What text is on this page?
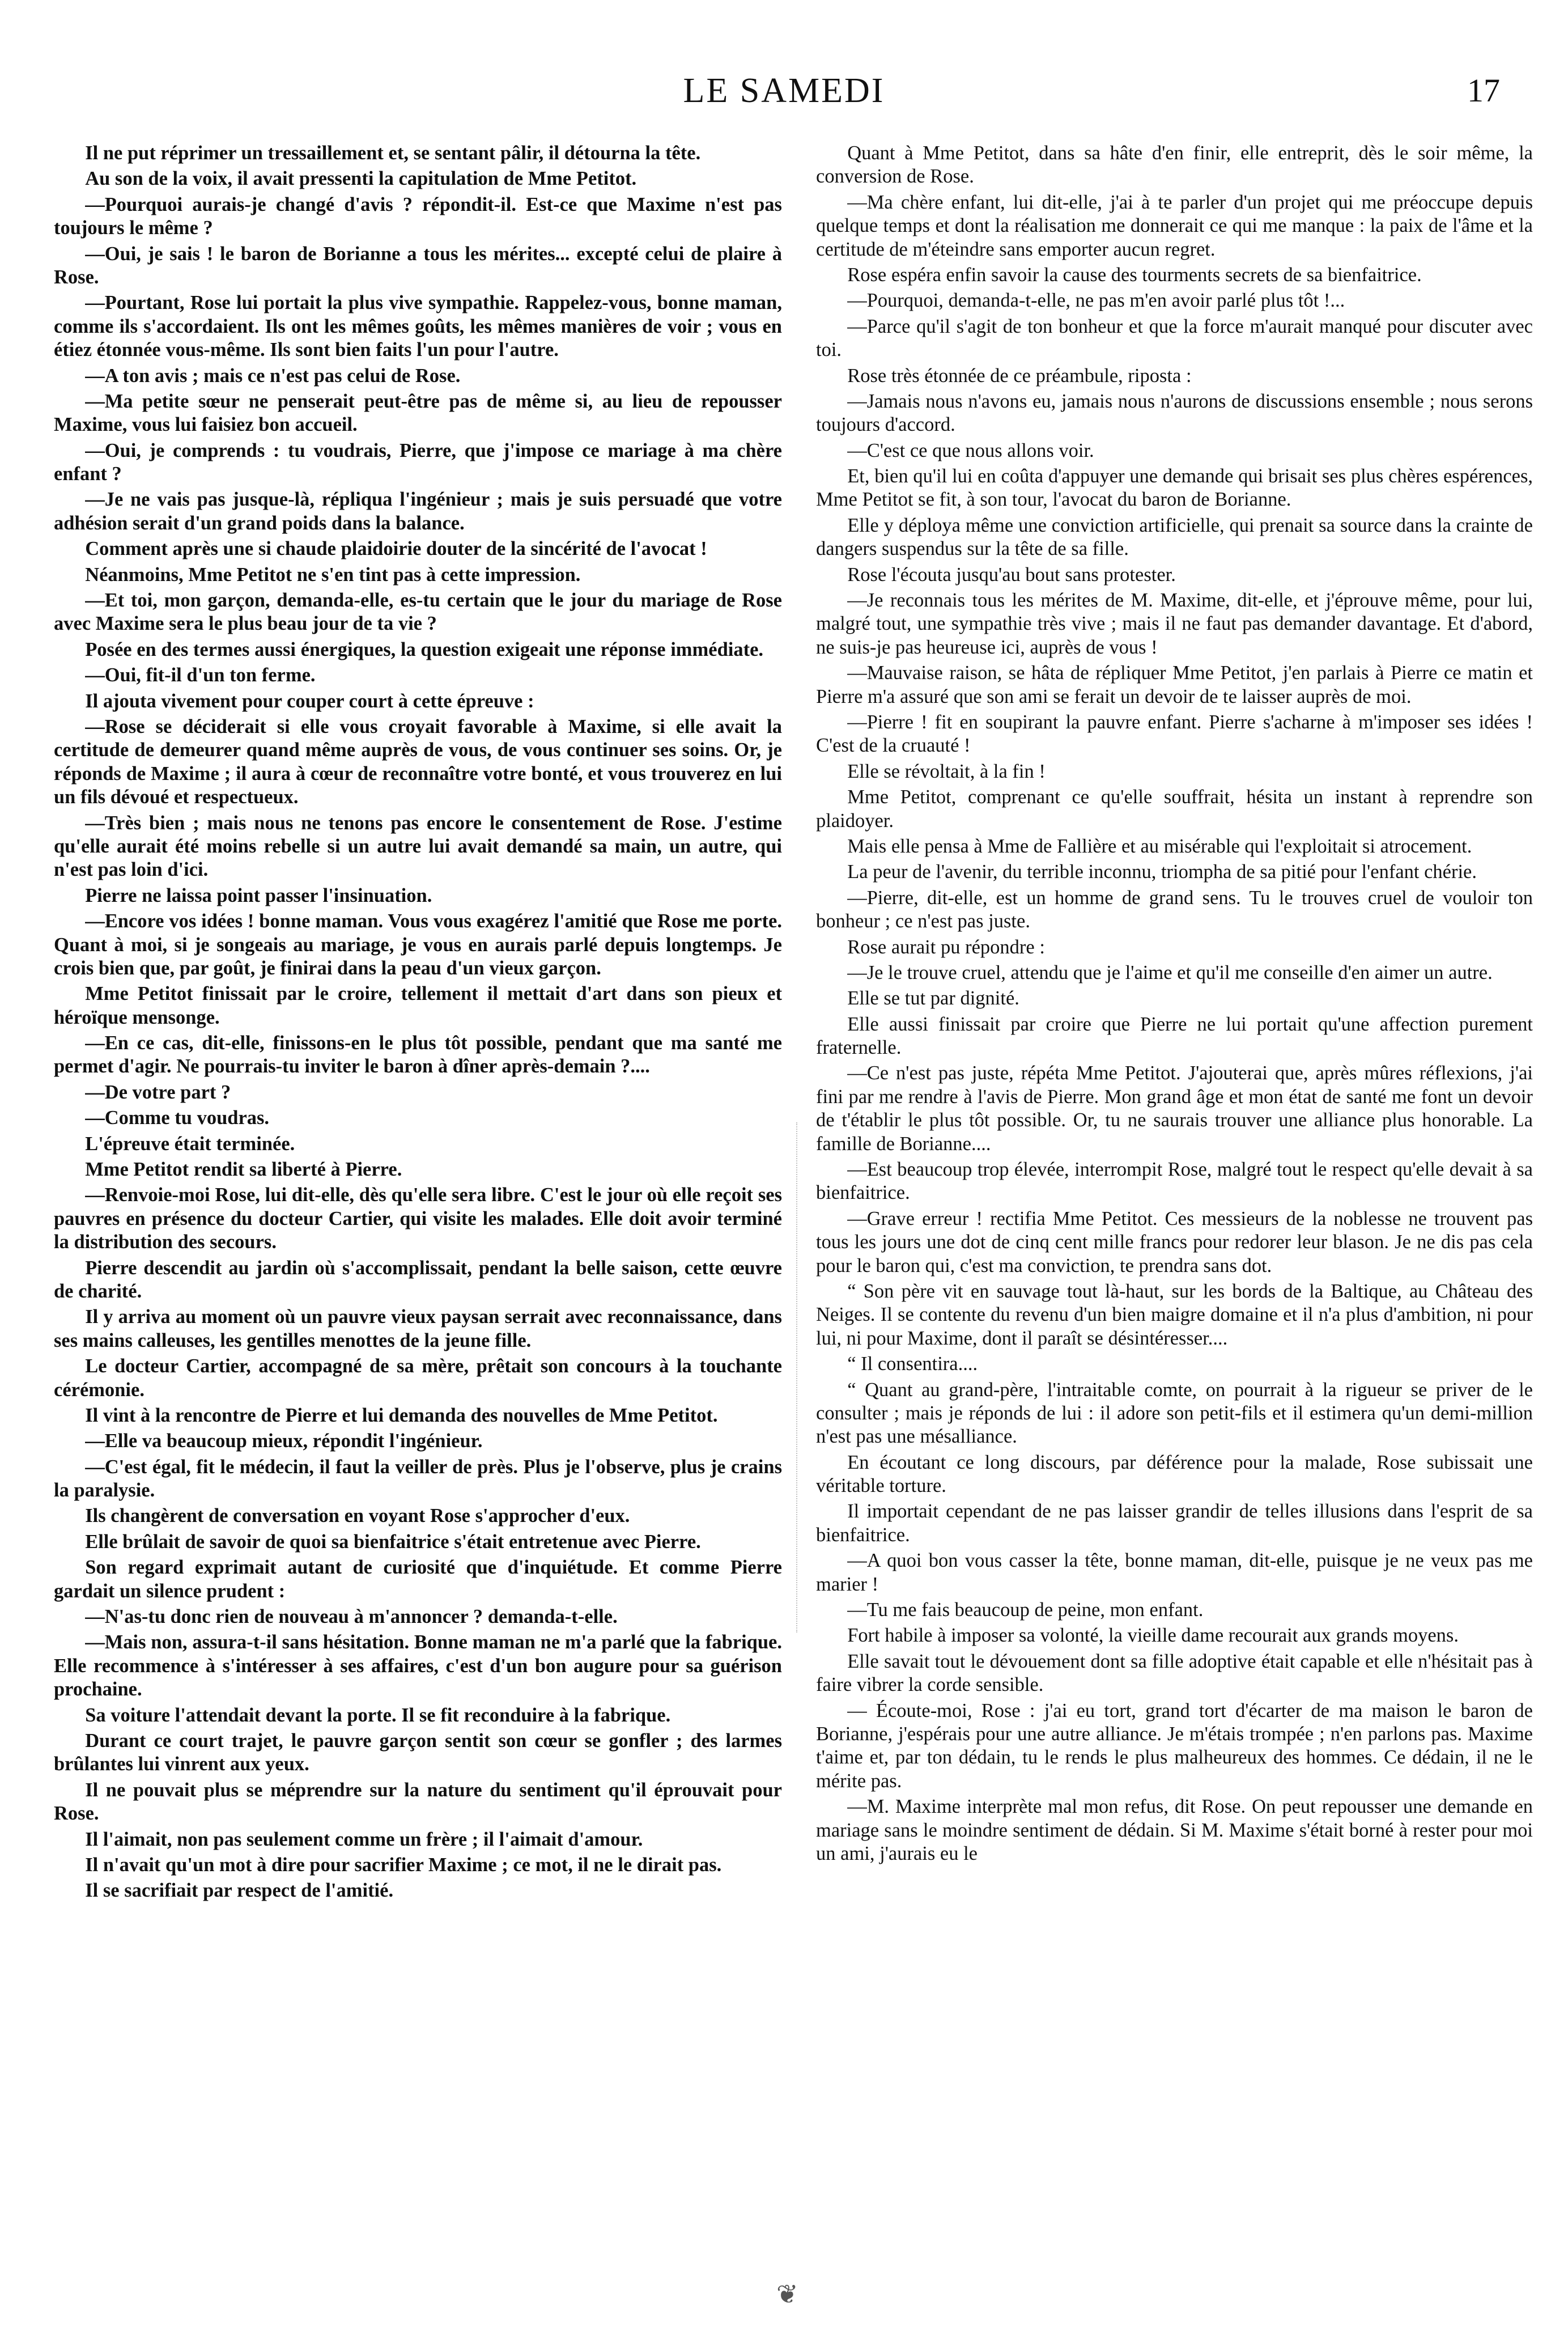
LE SAMEDI	17

Il ne put réprimer un tressaillement et, se sentant pâlir, il détourna la tête.

Au son de la voix, il avait pressenti la capitulation de Mme Petitot.

—Pourquoi aurais-je changé d'avis ? répondit-il. Est-ce que Maxime n'est pas toujours le même ?

—Oui, je sais ! le baron de Borianne a tous les mérites... excepté celui de plaire à Rose.

—Pourtant, Rose lui portait la plus vive sympathie. Rappelez-vous, bonne maman, comme ils s'accordaient. Ils ont les mêmes goûts, les mêmes manières de voir ; vous en étiez étonnée vous-même. Ils sont bien faits l'un pour l'autre.

—A ton avis ; mais ce n'est pas celui de Rose.

—Ma petite sœur ne penserait peut-être pas de même si, au lieu de repousser Maxime, vous lui faisiez bon accueil.

—Oui, je comprends : tu voudrais, Pierre, que j'impose ce mariage à ma chère enfant ?

—Je ne vais pas jusque-là, répliqua l'ingénieur ; mais je suis persuadé que votre adhésion serait d'un grand poids dans la balance.

Comment après une si chaude plaidoirie douter de la sincérité de l'avocat !

Néanmoins, Mme Petitot ne s'en tint pas à cette impression.

—Et toi, mon garçon, demanda-elle, es-tu certain que le jour du mariage de Rose avec Maxime sera le plus beau jour de ta vie ?

Posée en des termes aussi énergiques, la question exigeait une réponse immédiate.

—Oui, fit-il d'un ton ferme.

Il ajouta vivement pour couper court à cette épreuve :

—Rose se déciderait si elle vous croyait favorable à Maxime, si elle avait la certitude de demeurer quand même auprès de vous, de vous continuer ses soins. Or, je réponds de Maxime ; il aura à cœur de reconnaître votre bonté, et vous trouverez en lui un fils dévoué et respectueux.

—Très bien ; mais nous ne tenons pas encore le consentement de Rose. J'estime qu'elle aurait été moins rebelle si un autre lui avait demandé sa main, un autre, qui n'est pas loin d'ici.

Pierre ne laissa point passer l'insinuation.

—Encore vos idées ! bonne maman. Vous vous exagérez l'amitié que Rose me porte. Quant à moi, si je songeais au mariage, je vous en aurais parlé depuis longtemps. Je crois bien que, par goût, je finirai dans la peau d'un vieux garçon.

Mme Petitot finissait par le croire, tellement il mettait d'art dans son pieux et héroïque mensonge.

—En ce cas, dit-elle, finissons-en le plus tôt possible, pendant que ma santé me permet d'agir. Ne pourrais-tu inviter le baron à dîner après-demain ?....

—De votre part ?

—Comme tu voudras.

L'épreuve était terminée.

Mme Petitot rendit sa liberté à Pierre.

—Renvoie-moi Rose, lui dit-elle, dès qu'elle sera libre. C'est le jour où elle reçoit ses pauvres en présence du docteur Cartier, qui visite les malades. Elle doit avoir terminé la distribution des secours.

Pierre descendit au jardin où s'accomplissait, pendant la belle saison, cette œuvre de charité.

Il y arriva au moment où un pauvre vieux paysan serrait avec reconnaissance, dans ses mains calleuses, les gentilles menottes de la jeune fille.

Le docteur Cartier, accompagné de sa mère, prêtait son concours à la touchante cérémonie.

Il vint à la rencontre de Pierre et lui demanda des nouvelles de Mme Petitot.

—Elle va beaucoup mieux, répondit l'ingénieur.

—C'est égal, fit le médecin, il faut la veiller de près. Plus je l'observe, plus je crains la paralysie.

Ils changèrent de conversation en voyant Rose s'approcher d'eux.

Elle brûlait de savoir de quoi sa bienfaitrice s'était entretenue avec Pierre.

Son regard exprimait autant de curiosité que d'inquiétude. Et comme Pierre gardait un silence prudent :

—N'as-tu donc rien de nouveau à m'annoncer ? demanda-t-elle.

—Mais non, assura-t-il sans hésitation. Bonne maman ne m'a parlé que la fabrique. Elle recommence à s'intéresser à ses affaires, c'est d'un bon augure pour sa guérison prochaine.

Sa voiture l'attendait devant la porte. Il se fit reconduire à la fabrique.

Durant ce court trajet, le pauvre garçon sentit son cœur se gonfler ; des larmes brûlantes lui vinrent aux yeux.

Il ne pouvait plus se méprendre sur la nature du sentiment qu'il éprouvait pour Rose.

Il l'aimait, non pas seulement comme un frère ; il l'aimait d'amour.

Il n'avait qu'un mot à dire pour sacrifier Maxime ; ce mot, il ne le dirait pas.

Il se sacrifiait par respect de l'amitié.

Quant à Mme Petitot, dans sa hâte d'en finir, elle entreprit, dès le soir même, la conversion de Rose.

—Ma chère enfant, lui dit-elle, j'ai à te parler d'un projet qui me préoccupe depuis quelque temps et dont la réalisation me donnerait ce qui me manque : la paix de l'âme et la certitude de m'éteindre sans emporter aucun regret.

Rose espéra enfin savoir la cause des tourments secrets de sa bienfaitrice.

—Pourquoi, demanda-t-elle, ne pas m'en avoir parlé plus tôt !...

—Parce qu'il s'agit de ton bonheur et que la force m'aurait manqué pour discuter avec toi.

Rose très étonnée de ce préambule, riposta :

—Jamais nous n'avons eu, jamais nous n'aurons de discussions ensemble ; nous serons toujours d'accord.

—C'est ce que nous allons voir.

Et, bien qu'il lui en coûta d'appuyer une demande qui brisait ses plus chères espérences, Mme Petitot se fit, à son tour, l'avocat du baron de Borianne.

Elle y déploya même une conviction artificielle, qui prenait sa source dans la crainte de dangers suspendus sur la tête de sa fille.

Rose l'écouta jusqu'au bout sans protester.

—Je reconnais tous les mérites de M. Maxime, dit-elle, et j'éprouve même, pour lui, malgré tout, une sympathie très vive ; mais il ne faut pas demander davantage. Et d'abord, ne suis-je pas heureuse ici, auprès de vous !

—Mauvaise raison, se hâta de répliquer Mme Petitot, j'en parlais à Pierre ce matin et Pierre m'a assuré que son ami se ferait un devoir de te laisser auprès de moi.

—Pierre ! fit en soupirant la pauvre enfant. Pierre s'acharne à m'imposer ses idées ! C'est de la cruauté !

Elle se révoltait, à la fin !

Mme Petitot, comprenant ce qu'elle souffrait, hésita un instant à reprendre son plaidoyer.

Mais elle pensa à Mme de Fallière et au misérable qui l'exploitait si atrocement.

La peur de l'avenir, du terrible inconnu, triompha de sa pitié pour l'enfant chérie.

—Pierre, dit-elle, est un homme de grand sens. Tu le trouves cruel de vouloir ton bonheur ; ce n'est pas juste.

Rose aurait pu répondre :

—Je le trouve cruel, attendu que je l'aime et qu'il me conseille d'en aimer un autre.

Elle se tut par dignité.

Elle aussi finissait par croire que Pierre ne lui portait qu'une affection purement fraternelle.

—Ce n'est pas juste, répéta Mme Petitot. J'ajouterai que, après mûres réflexions, j'ai fini par me rendre à l'avis de Pierre. Mon grand âge et mon état de santé me font un devoir de t'établir le plus tôt possible. Or, tu ne saurais trouver une alliance plus honorable. La famille de Borianne....

—Est beaucoup trop élevée, interrompit Rose, malgré tout le respect qu'elle devait à sa bienfaitrice.

—Grave erreur ! rectifia Mme Petitot. Ces messieurs de la noblesse ne trouvent pas tous les jours une dot de cinq cent mille francs pour redorer leur blason. Je ne dis pas cela pour le baron qui, c'est ma conviction, te prendra sans dot.

“ Son père vit en sauvage tout là-haut, sur les bords de la Baltique, au Château des Neiges. Il se contente du revenu d'un bien maigre domaine et il n'a plus d'ambition, ni pour lui, ni pour Maxime, dont il paraît se désintéresser....

“ Il consentira....

“ Quant au grand-père, l'intraitable comte, on pourrait à la rigueur se priver de le consulter ; mais je réponds de lui : il adore son petit-fils et il estimera qu'un demi-million n'est pas une mésalliance.

En écoutant ce long discours, par déférence pour la malade, Rose subissait une véritable torture.

Il importait cependant de ne pas laisser grandir de telles illusions dans l'esprit de sa bienfaitrice.

—A quoi bon vous casser la tête, bonne maman, dit-elle, puisque je ne veux pas me marier !

—Tu me fais beaucoup de peine, mon enfant.

Fort habile à imposer sa volonté, la vieille dame recourait aux grands moyens.

Elle savait tout le dévouement dont sa fille adoptive était capable et elle n'hésitait pas à faire vibrer la corde sensible.

— Écoute-moi, Rose : j'ai eu tort, grand tort d'écarter de ma maison le baron de Borianne, j'espérais pour une autre alliance. Je m'étais trompée ; n'en parlons pas. Maxime t'aime et, par ton dédain, tu le rends le plus malheureux des hommes. Ce dédain, il ne le mérite pas.

—M. Maxime interprète mal mon refus, dit Rose. On peut repousser une demande en mariage sans le moindre sentiment de dédain. Si M. Maxime s'était borné à rester pour moi un ami, j'aurais eu le

❦
